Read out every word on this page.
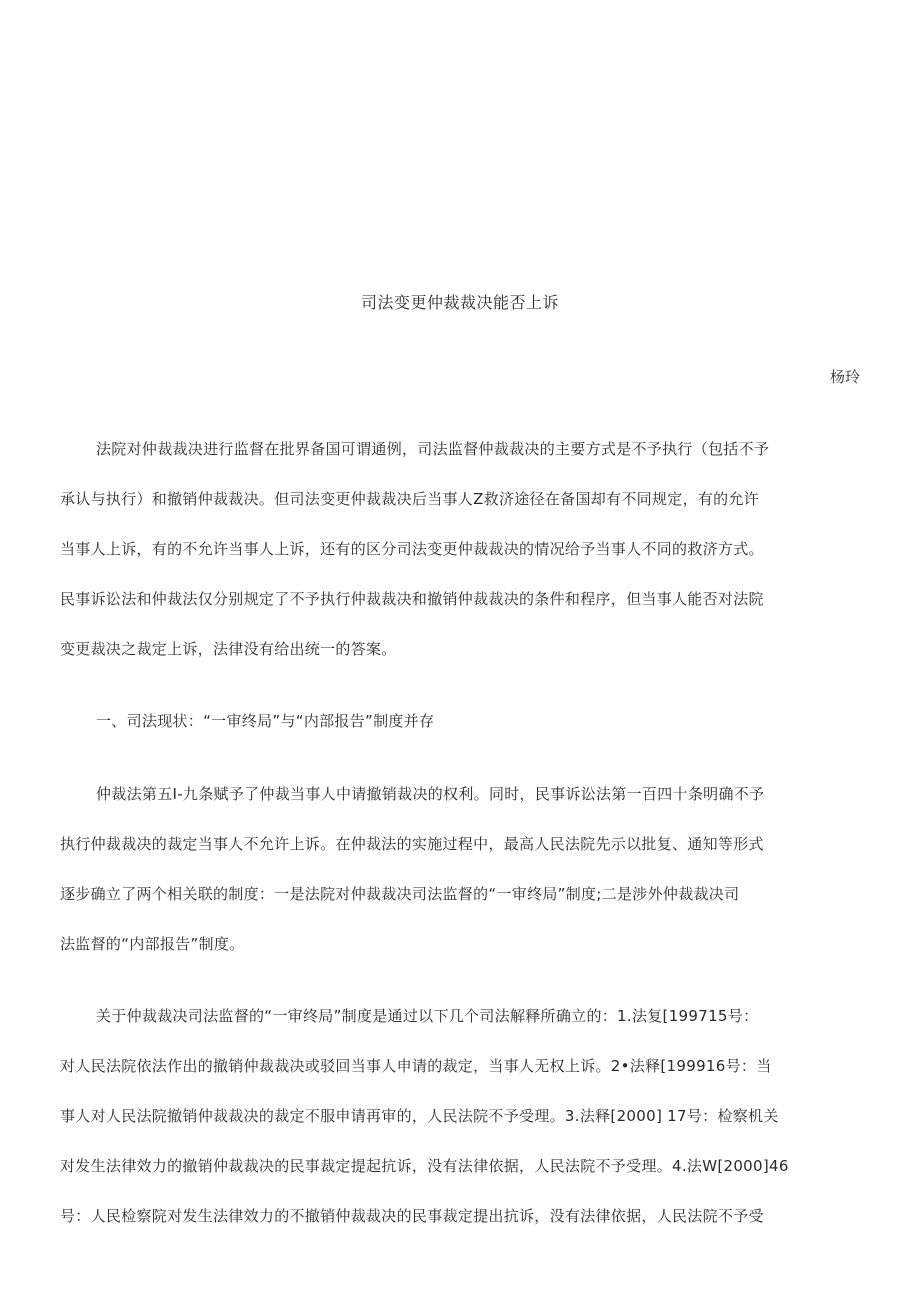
司法变更仲裁裁决能否上诉
杨玲
法院对仲裁裁决进行监督在批界备国可谓通例，司法监督仲裁裁决的主要方式是不予执行（包括不予
承认与执行）和撤销仲裁裁决。但司法变更仲裁裁决后当事人Z救济途径在备国却有不同规定，有的允许
当事人上诉，有的不允许当事人上诉，还有的区分司法变更仲裁裁决的情况给予当事人不同的救济方式。
民事诉讼法和仲裁法仅分别规定了不予执行仲裁裁决和撤销仲裁裁决的条件和程序，但当事人能否对法院
变更裁决之裁定上诉，法律没有给出统一的答案。
一、司法现状：“一审终局”与“内部报告”制度并存
仲裁法第五I-九条赋予了仲裁当事人中请撤销裁决的权利。同时，民事诉讼法第一百四十条明确不予
执行仲裁裁决的裁定当事人不允许上诉。在仲裁法的实施过程中，最高人民法院先示以批复、通知等形式
逐步确立了两个相关联的制度：一是法院对仲裁裁决司法监督的“一审终局”制度;二是涉外仲裁裁决司
法监督的“内部报告”制度。
关于仲裁裁决司法监督的“一审终局”制度是通过以下几个司法解释所确立的：1.法复[199715号：
对人民法院依法作出的撤销仲裁裁决或驳回当事人申请的裁定，当事人无权上诉。2•法释[199916号：当
事人对人民法院撤销仲裁裁决的裁定不服申请再审的，人民法院不予受理。3.法释[2000] 17号：检察机关
对发生法律效力的撤销仲裁裁决的民事裁定提起抗诉，没有法律依据，人民法院不予受理。4.法W[2000]46
号：人民检察院对发生法律效力的不撤销仲裁裁决的民事裁定提出抗诉，没有法律依据，人民法院不予受
